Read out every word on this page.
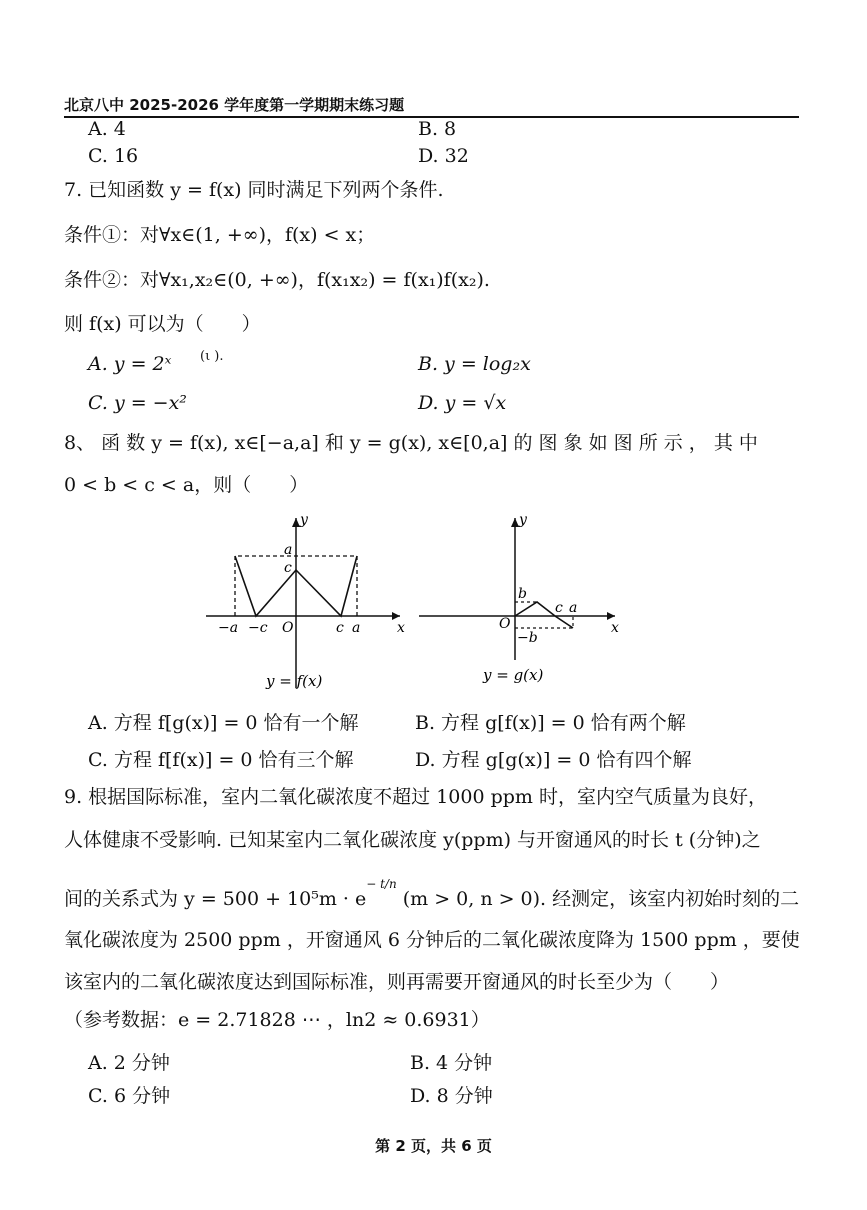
北京八中 2025-2026 学年度第一学期期末练习题
A. 4	B. 8
C. 16	D. 32
7. 已知函数 y = f(x) 同时满足下列两个条件.
条件①：对∀x∈(1, +∞)，f(x) < x；
条件②：对∀x₁,x₂∈(0, +∞)，f(x₁x₂) = f(x₁)f(x₂).
则 f(x) 可以为（　　）
A. y = 2ˣ (ι ).	B. y = log₂x
C. y = −x²	D. y = √x
8、 函 数 y = f(x), x∈[−a,a] 和 y = g(x), x∈[0,a] 的 图 象 如 图 所 示 ， 其 中
0 < b < c < a，则（　　）
y
x
a
c
O
−a −c	c a
y = f(x)
y
x
b
O
−b
c a
y = g(x)
A. 方程 f[g(x)] = 0 恰有一个解	B. 方程 g[f(x)] = 0 恰有两个解
C. 方程 f[f(x)] = 0 恰有三个解	D. 方程 g[g(x)] = 0 恰有四个解
9. 根据国际标准，室内二氧化碳浓度不超过 1000 ppm 时，室内空气质量为良好，
人体健康不受影响. 已知某室内二氧化碳浓度 y(ppm) 与开窗通风的时长 t (分钟)之
间的关系式为 $y = 500 + 10^5m \cdot e^{- t/n}$ (m > 0, n > 0). 经测定，该室内初始时刻的二
氧化碳浓度为 2500 ppm ，开窗通风 6 分钟后的二氧化碳浓度降为 1500 ppm ，要使
该室内的二氧化碳浓度达到国际标准，则再需要开窗通风的时长至少为（　　）
（参考数据：e = 2.71828 ⋯ ，ln2 ≈ 0.6931）
A. 2 分钟	B. 4 分钟
C. 6 分钟	D. 8 分钟
第 2 页，共 6 页
